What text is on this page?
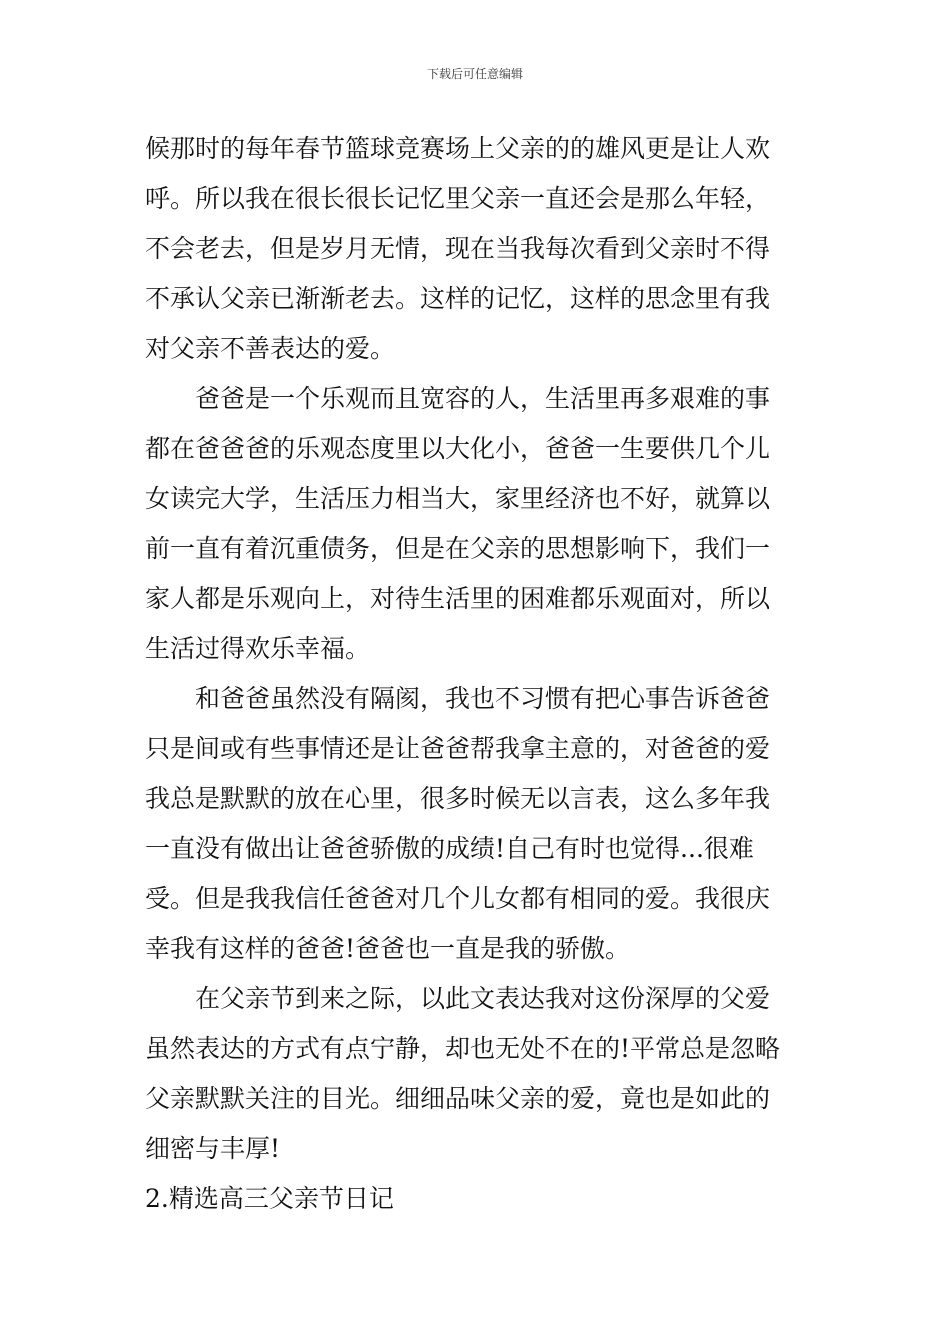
下载后可任意编辑

候那时的每年春节篮球竞赛场上父亲的的雄风更是让人欢

呼。所以我在很长很长记忆里父亲一直还会是那么年轻，

不会老去，但是岁月无情，现在当我每次看到父亲时不得

不承认父亲已渐渐老去。这样的记忆，这样的思念里有我

对父亲不善表达的爱。

　　爸爸是一个乐观而且宽容的人，生活里再多艰难的事

都在爸爸爸的乐观态度里以大化小，爸爸一生要供几个儿

女读完大学，生活压力相当大，家里经济也不好，就算以

前一直有着沉重债务，但是在父亲的思想影响下，我们一

家人都是乐观向上，对待生活里的困难都乐观面对，所以

生活过得欢乐幸福。

　　和爸爸虽然没有隔阂，我也不习惯有把心事告诉爸爸

只是间或有些事情还是让爸爸帮我拿主意的，对爸爸的爱

我总是默默的放在心里，很多时候无以言表，这么多年我

一直没有做出让爸爸骄傲的成绩!自己有时也觉得...很难

受。但是我我信任爸爸对几个儿女都有相同的爱。我很庆

幸我有这样的爸爸!爸爸也一直是我的骄傲。

　　在父亲节到来之际，以此文表达我对这份深厚的父爱

虽然表达的方式有点宁静，却也无处不在的!平常总是忽略

父亲默默关注的目光。细细品味父亲的爱，竟也是如此的

细密与丰厚!

2.精选高三父亲节日记
